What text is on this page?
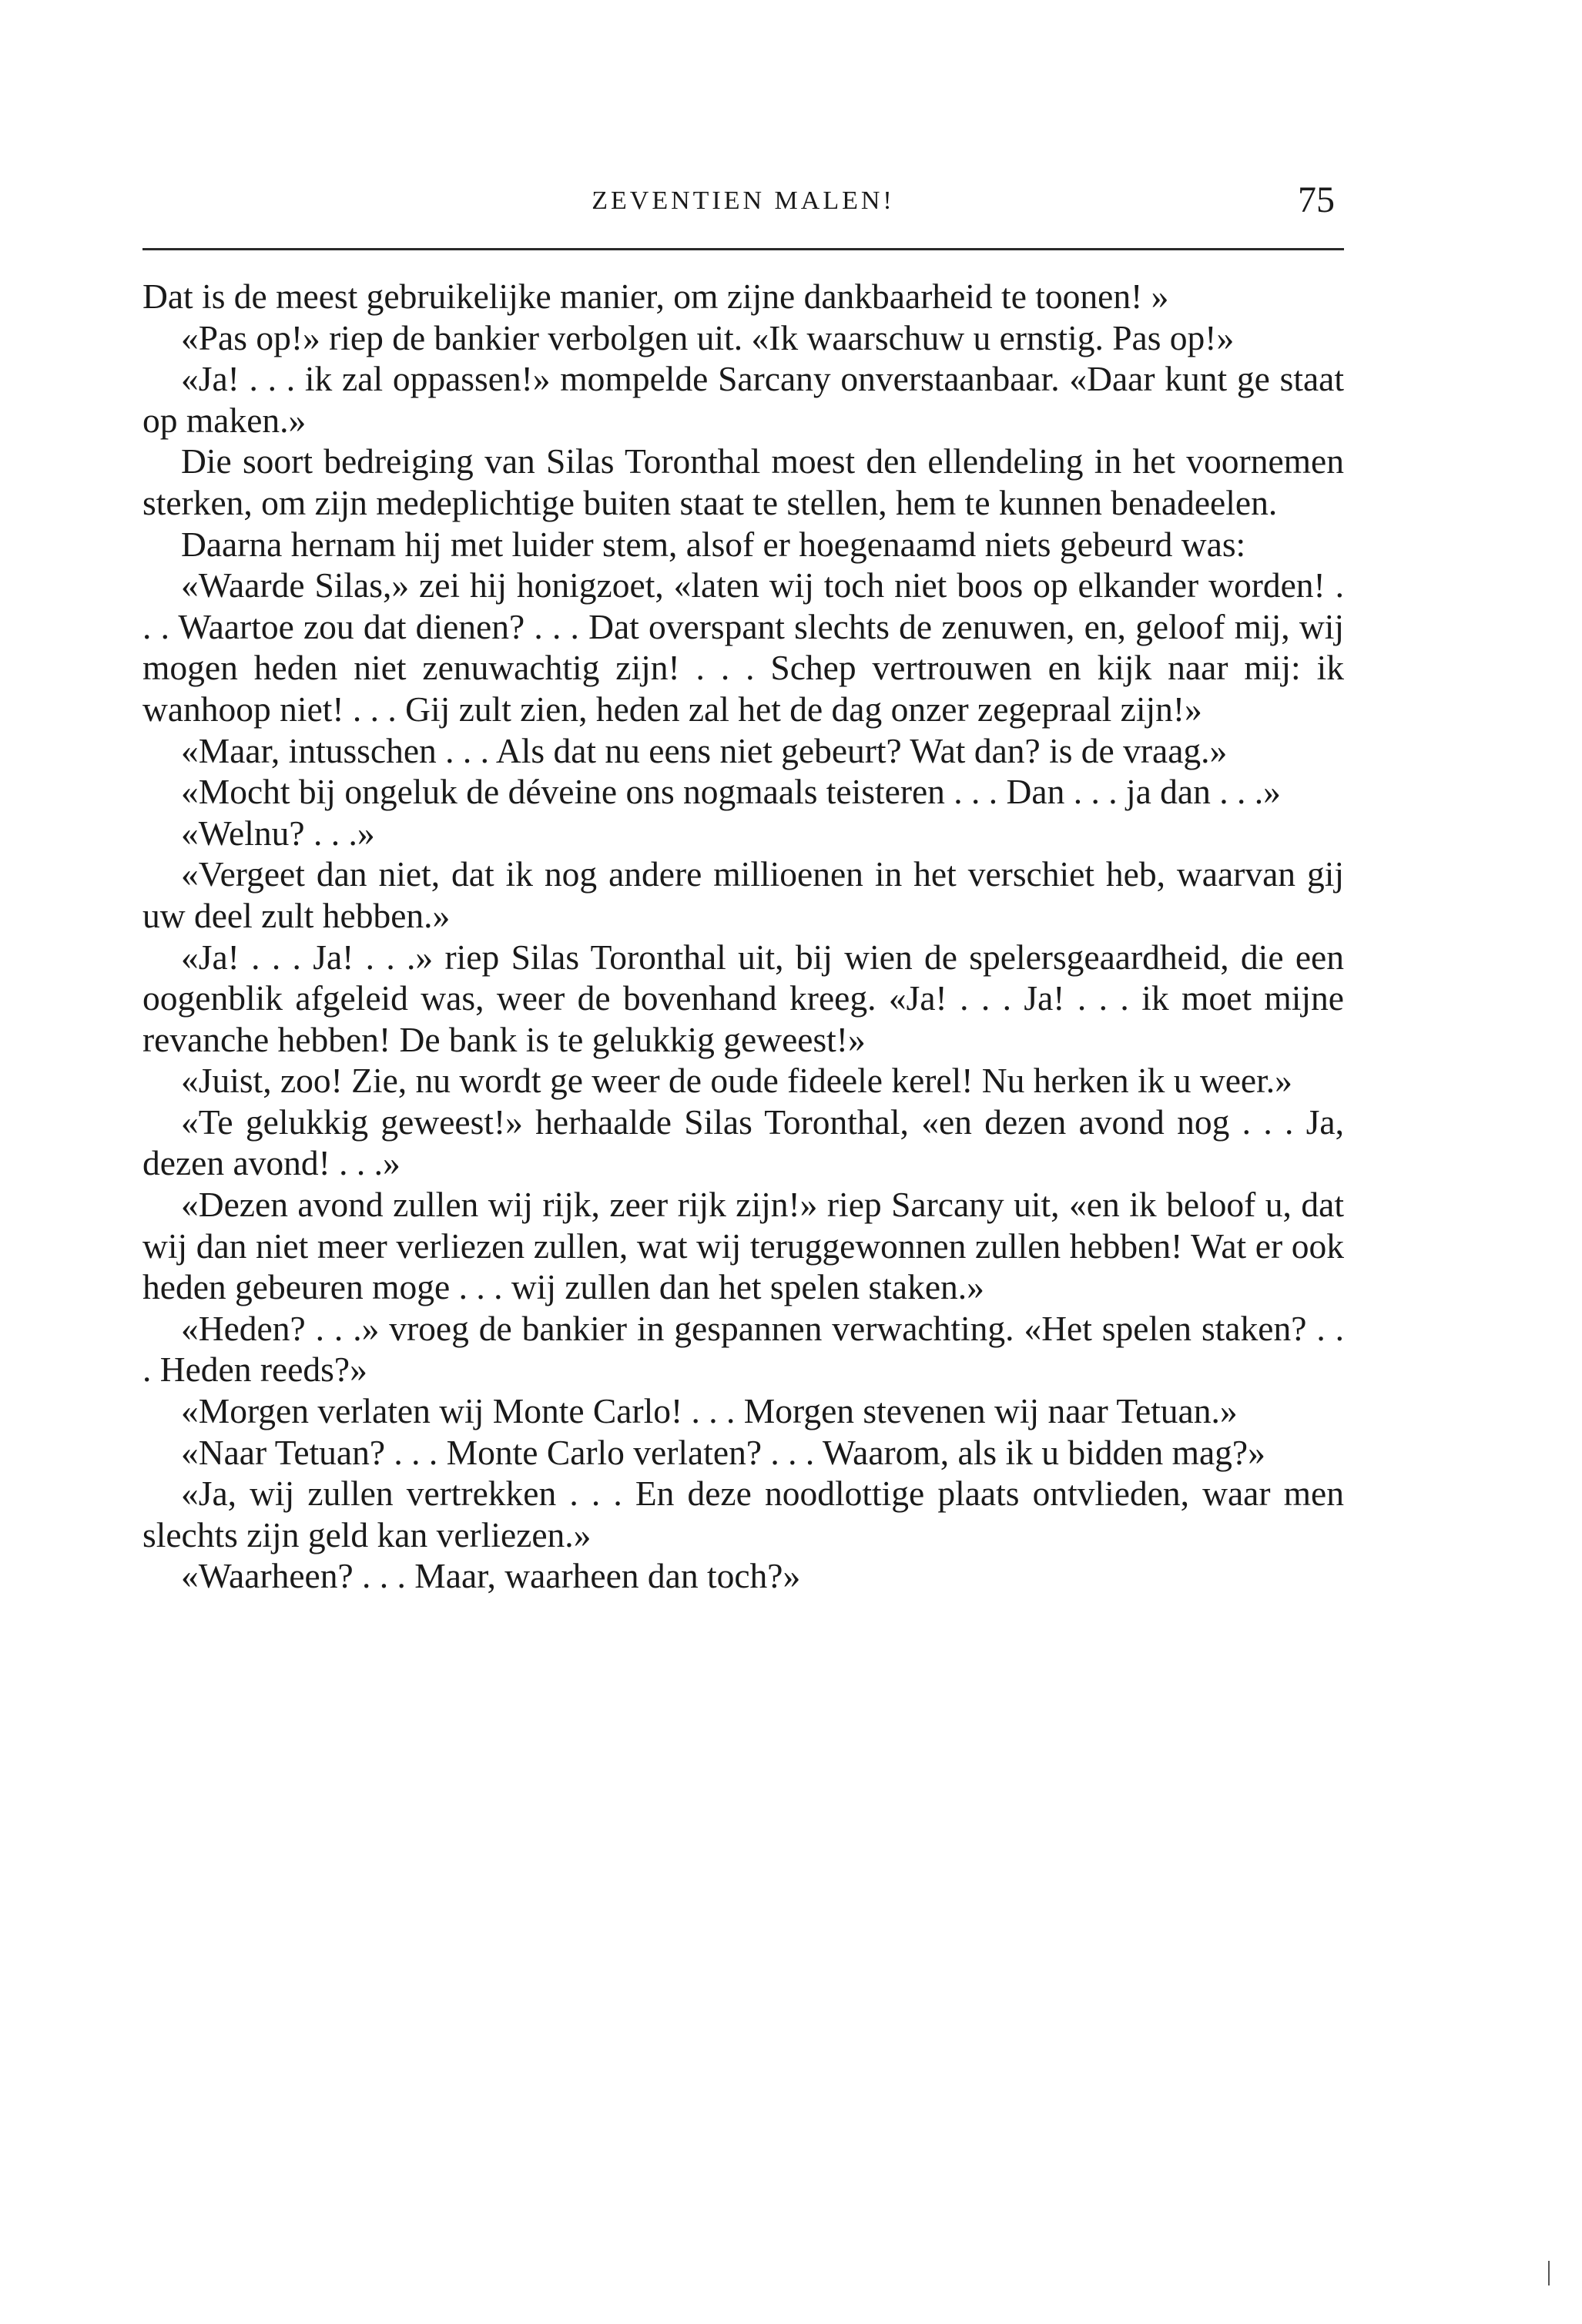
ZEVENTIEN MALEN!	75

Dat is de meest gebruikelijke manier, om zijne dankbaarheid te toonen! »

«Pas op!» riep de bankier verbolgen uit. «Ik waarschuw u ernstig. Pas op!»

«Ja! . . . ik zal oppassen!» mompelde Sarcany onverstaanbaar. «Daar kunt ge staat op maken.»

Die soort bedreiging van Silas Toronthal moest den ellendeling in het voornemen sterken, om zijn medeplichtige buiten staat te stellen, hem te kunnen benadeelen.

Daarna hernam hij met luider stem, alsof er hoegenaamd niets gebeurd was:

«Waarde Silas,» zei hij honigzoet, «laten wij toch niet boos op elkander worden! . . . Waartoe zou dat dienen? . . . Dat overspant slechts de zenuwen, en, geloof mij, wij mogen heden niet zenuwachtig zijn! . . . Schep vertrouwen en kijk naar mij: ik wanhoop niet! . . . Gij zult zien, heden zal het de dag onzer zegepraal zijn!»

«Maar, intusschen . . . Als dat nu eens niet gebeurt? Wat dan? is de vraag.»

«Mocht bij ongeluk de déveine ons nogmaals teisteren . . . Dan . . . ja dan . . .»

«Welnu? . . .»

«Vergeet dan niet, dat ik nog andere millioenen in het verschiet heb, waarvan gij uw deel zult hebben.»

«Ja! . . . Ja! . . .» riep Silas Toronthal uit, bij wien de spelersgeaardheid, die een oogenblik afgeleid was, weer de bovenhand kreeg. «Ja! . . . Ja! . . . ik moet mijne revanche hebben! De bank is te gelukkig geweest!»

«Juist, zoo! Zie, nu wordt ge weer de oude fideele kerel! Nu herken ik u weer.»

«Te gelukkig geweest!» herhaalde Silas Toronthal, «en dezen avond nog . . . Ja, dezen avond! . . .»

«Dezen avond zullen wij rijk, zeer rijk zijn!» riep Sarcany uit, «en ik beloof u, dat wij dan niet meer verliezen zullen, wat wij teruggewonnen zullen hebben! Wat er ook heden gebeuren moge . . . wij zullen dan het spelen staken.»

«Heden? . . .» vroeg de bankier in gespannen verwachting. «Het spelen staken? . . . Heden reeds?»

«Morgen verlaten wij Monte Carlo! . . . Morgen stevenen wij naar Tetuan.»

«Naar Tetuan? . . . Monte Carlo verlaten? . . . Waarom, als ik u bidden mag?»

«Ja, wij zullen vertrekken . . . En deze noodlottige plaats ontvlieden, waar men slechts zijn geld kan verliezen.»

«Waarheen? . . . Maar, waarheen dan toch?»
